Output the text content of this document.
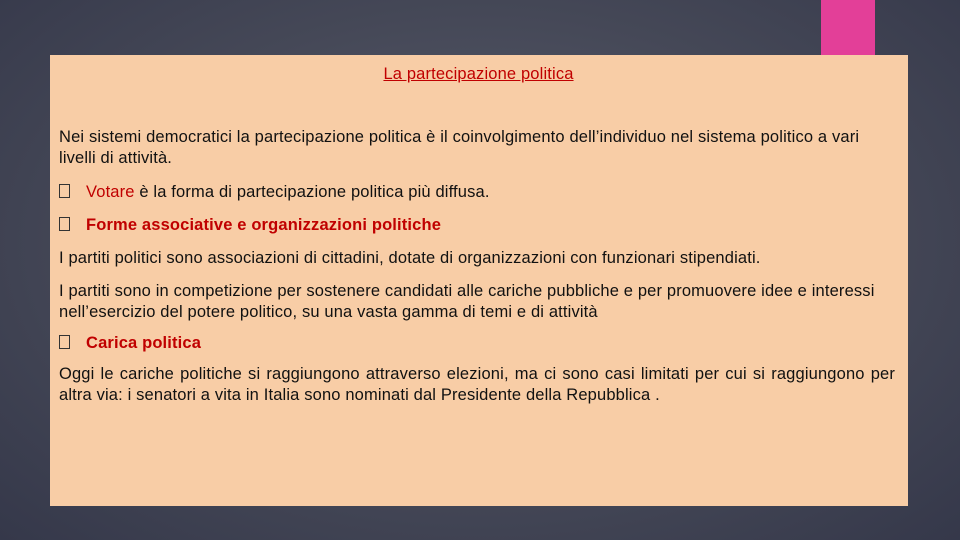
La partecipazione politica

Nei sistemi democratici la partecipazione politica è il coinvolgimento dell’individuo nel sistema politico a vari livelli di attività.

Votare è la forma di partecipazione politica più diffusa.
Forme associative e organizzazioni politiche

I partiti politici sono associazioni di cittadini, dotate di organizzazioni con funzionari stipendiati.

I partiti sono in competizione per sostenere candidati alle cariche pubbliche e per promuovere idee e interessi nell’esercizio del potere politico, su una vasta gamma di temi e di attività

Carica politica

Oggi le cariche politiche si raggiungono attraverso elezioni, ma ci sono casi limitati per cui si raggiungono per altra via: i senatori a vita in Italia sono nominati dal Presidente della Repubblica .
